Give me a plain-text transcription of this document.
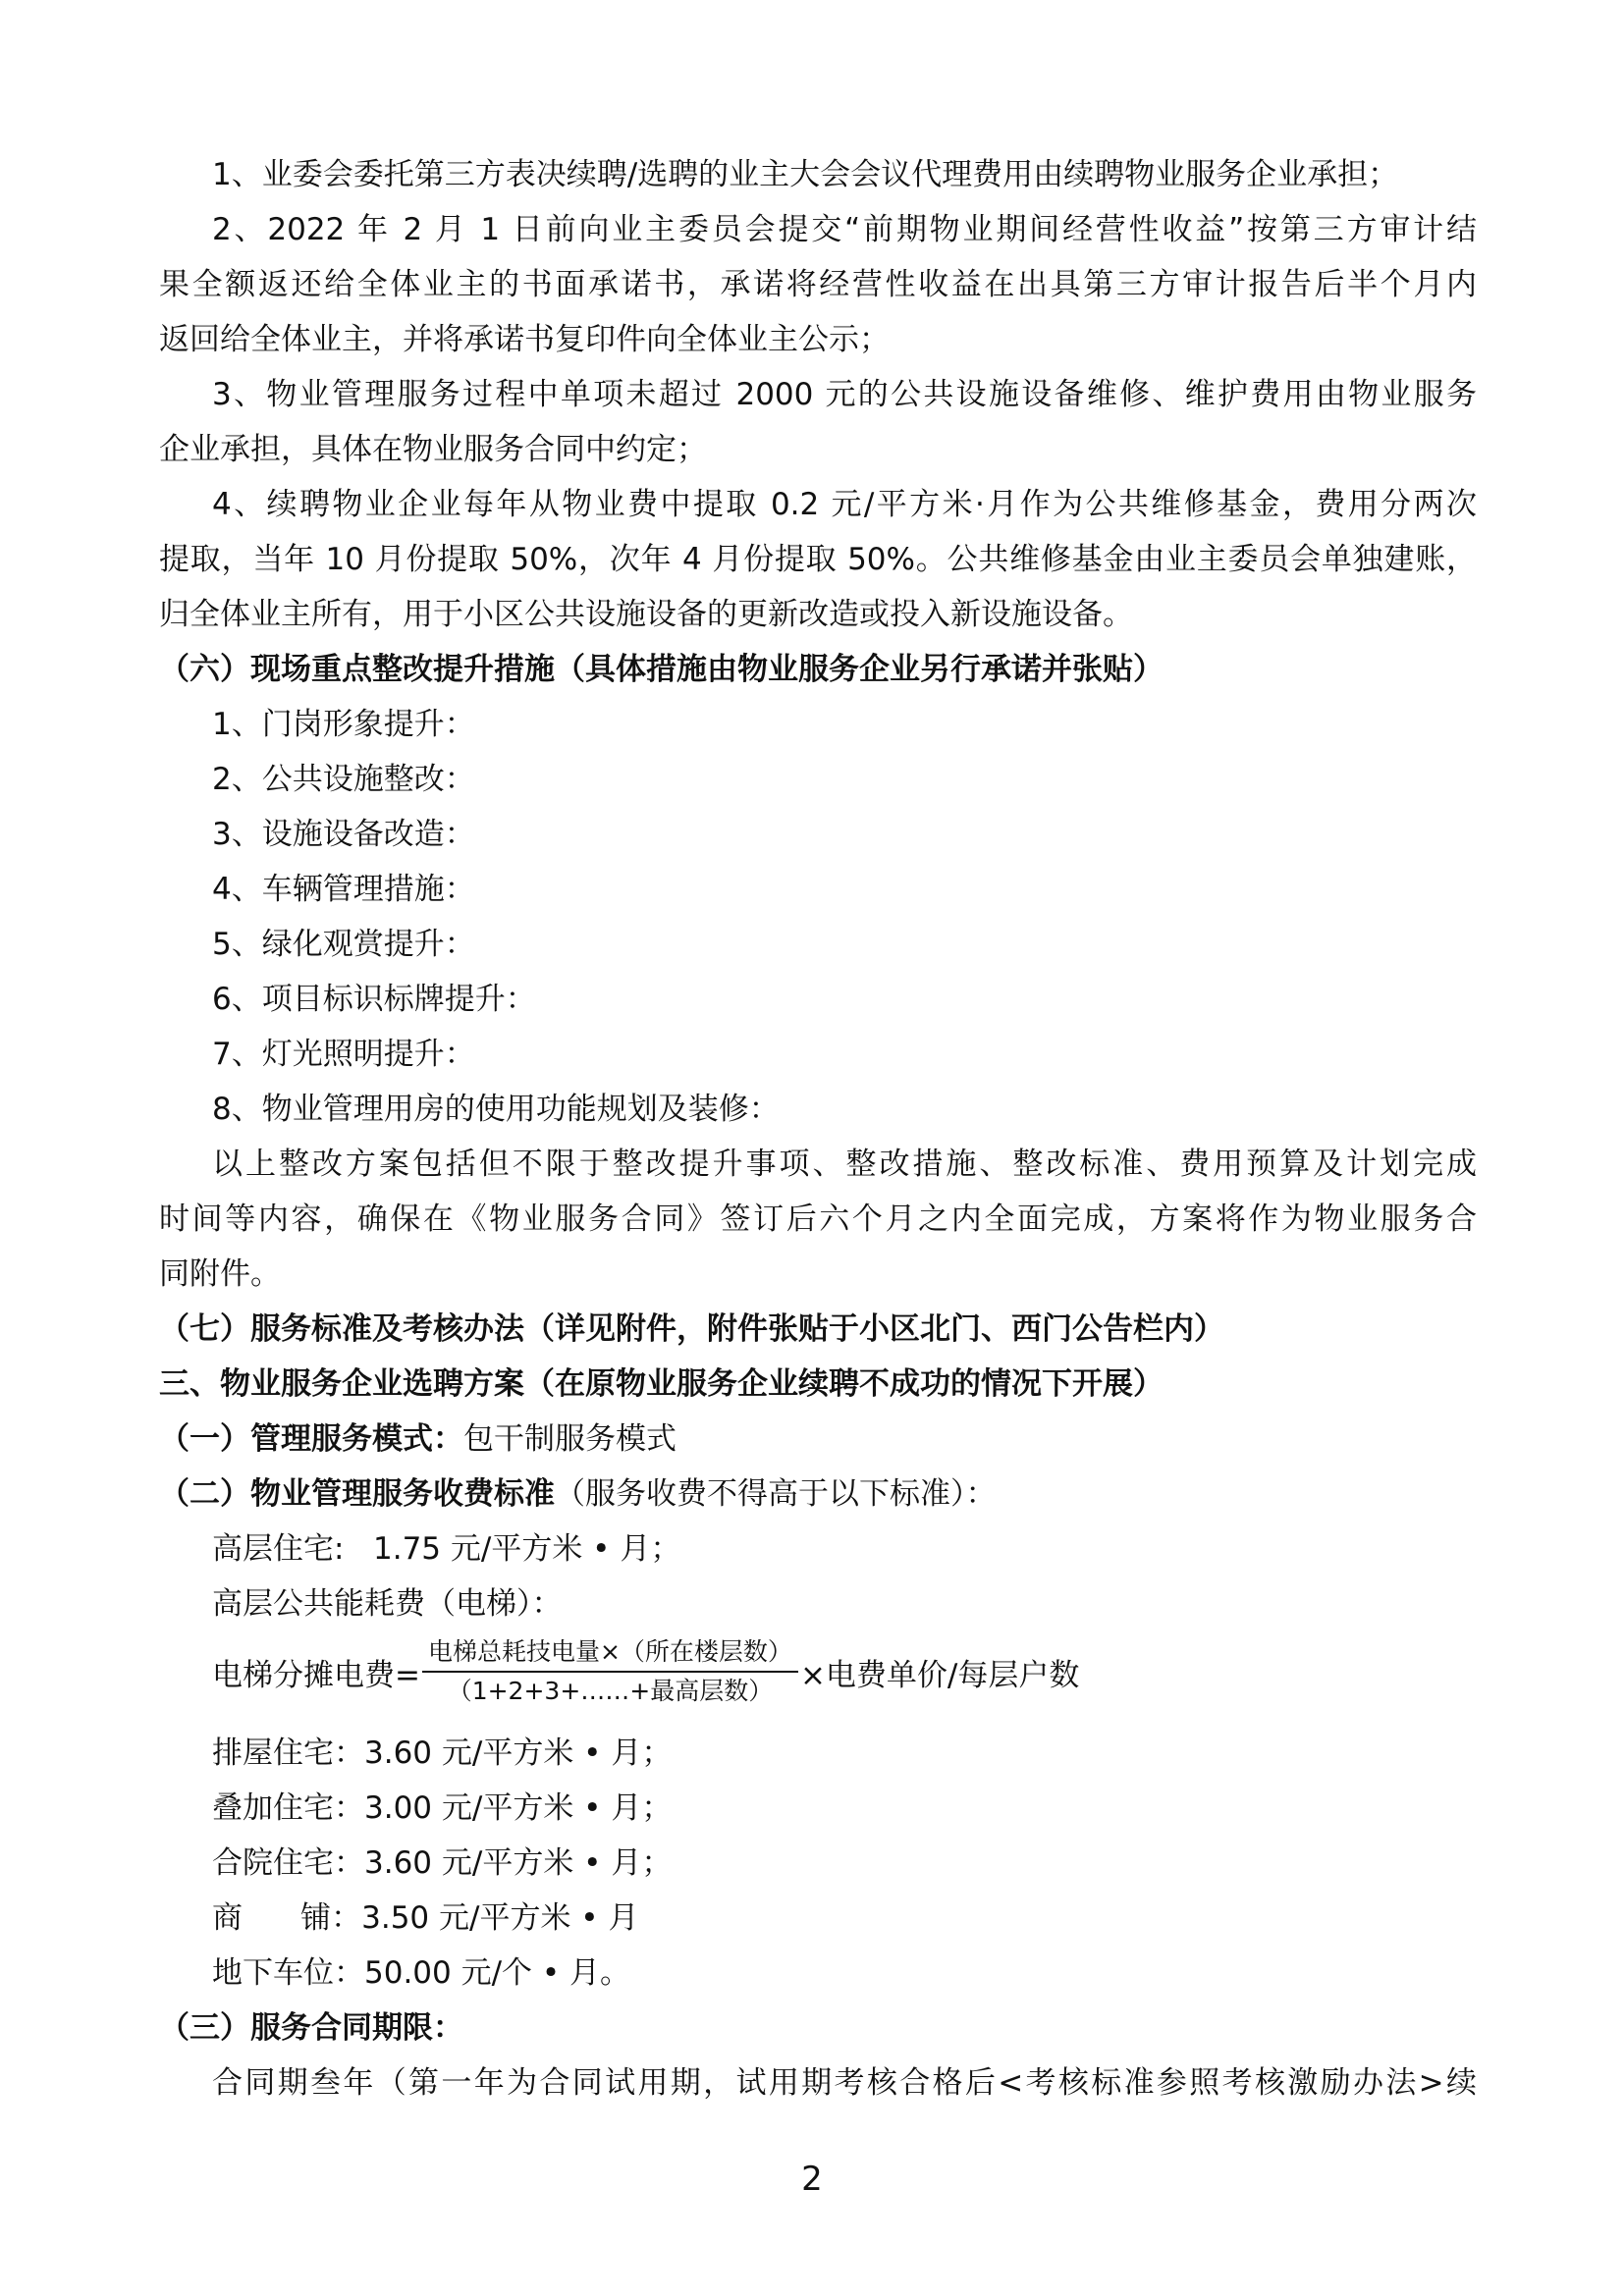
1、业委会委托第三方表决续聘/选聘的业主大会会议代理费用由续聘物业服务企业承担；
2、2022 年 2 月 1 日前向业主委员会提交“前期物业期间经营性收益”按第三方审计结
果全额返还给全体业主的书面承诺书，承诺将经营性收益在出具第三方审计报告后半个月内
返回给全体业主，并将承诺书复印件向全体业主公示；
3、物业管理服务过程中单项未超过 2000 元的公共设施设备维修、维护费用由物业服务
企业承担，具体在物业服务合同中约定；
4、续聘物业企业每年从物业费中提取 0.2 元/平方米·月作为公共维修基金，费用分两次
提取，当年 10 月份提取 50%，次年 4 月份提取 50%。公共维修基金由业主委员会单独建账，
归全体业主所有，用于小区公共设施设备的更新改造或投入新设施设备。
（六）现场重点整改提升措施（具体措施由物业服务企业另行承诺并张贴）
1、门岗形象提升：
2、公共设施整改：
3、设施设备改造：
4、车辆管理措施：
5、绿化观赏提升：
6、项目标识标牌提升：
7、灯光照明提升：
8、物业管理用房的使用功能规划及装修：
以上整改方案包括但不限于整改提升事项、整改措施、整改标准、费用预算及计划完成
时间等内容，确保在《物业服务合同》签订后六个月之内全面完成，方案将作为物业服务合
同附件。
（七）服务标准及考核办法（详见附件，附件张贴于小区北门、西门公告栏内）
三、物业服务企业选聘方案（在原物业服务企业续聘不成功的情况下开展）
（一）管理服务模式：包干制服务模式
（二）物业管理服务收费标准（服务收费不得高于以下标准）：
高层住宅:   1.75 元/平方米 • 月；
高层公共能耗费（电梯）：
电梯分摊电费= $\frac{\text{电梯总耗技电量×（所在楼层数）}}{\text{（1+2+3+……+最高层数）}}$ ×电费单价/每层户数
排屋住宅：3.60 元/平方米 • 月；
叠加住宅：3.00 元/平方米 • 月；
合院住宅：3.60 元/平方米 • 月；
商      铺：3.50 元/平方米 • 月
地下车位：50.00 元/个 • 月。
（三）服务合同期限：
合同期叁年（第一年为合同试用期，试用期考核合格后<考核标准参照考核激励办法>续
2
